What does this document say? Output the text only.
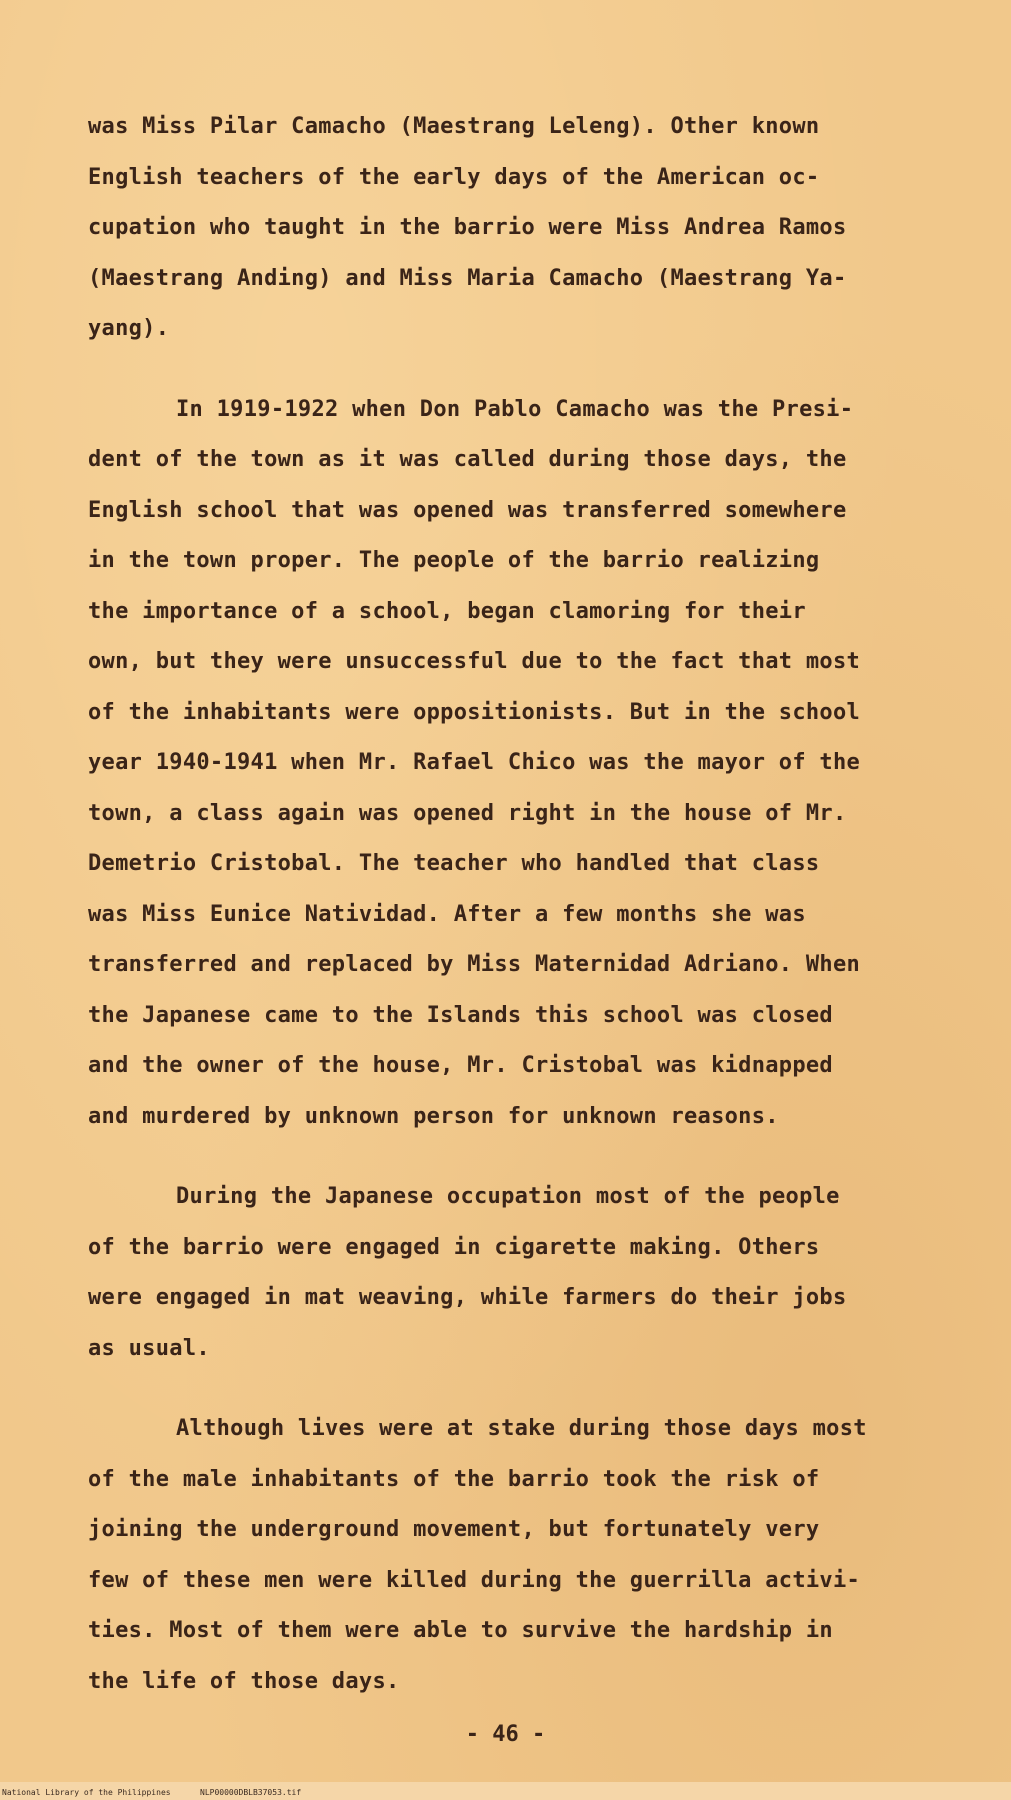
was Miss Pilar Camacho (Maestrang Leleng). Other known
English teachers of the early days of the American oc-
cupation who taught in the barrio were Miss Andrea Ramos
(Maestrang Anding) and Miss Maria Camacho (Maestrang Ya-
yang).
In 1919-1922 when Don Pablo Camacho was the Presi-
dent of the town as it was called during those days, the
English school that was opened was transferred somewhere
in the town proper. The people of the barrio realizing
the importance of a school, began clamoring for their
own, but they were unsuccessful due to the fact that most
of the inhabitants were oppositionists. But in the school
year 1940-1941 when Mr. Rafael Chico was the mayor of the
town, a class again was opened right in the house of Mr.
Demetrio Cristobal. The teacher who handled that class
was Miss Eunice Natividad. After a few months she was
transferred and replaced by Miss Maternidad Adriano. When
the Japanese came to the Islands this school was closed
and the owner of the house, Mr. Cristobal was kidnapped
and murdered by unknown person for unknown reasons.
During the Japanese occupation most of the people
of the barrio were engaged in cigarette making. Others
were engaged in mat weaving, while farmers do their jobs
as usual.
Although lives were at stake during those days most
of the male inhabitants of the barrio took the risk of
joining the underground movement, but fortunately very
few of these men were killed during the guerrilla activi-
ties. Most of them were able to survive the hardship in
the life of those days.
- 46 -
National Library of the Philippines	NLP00000DBLB37053.tif
